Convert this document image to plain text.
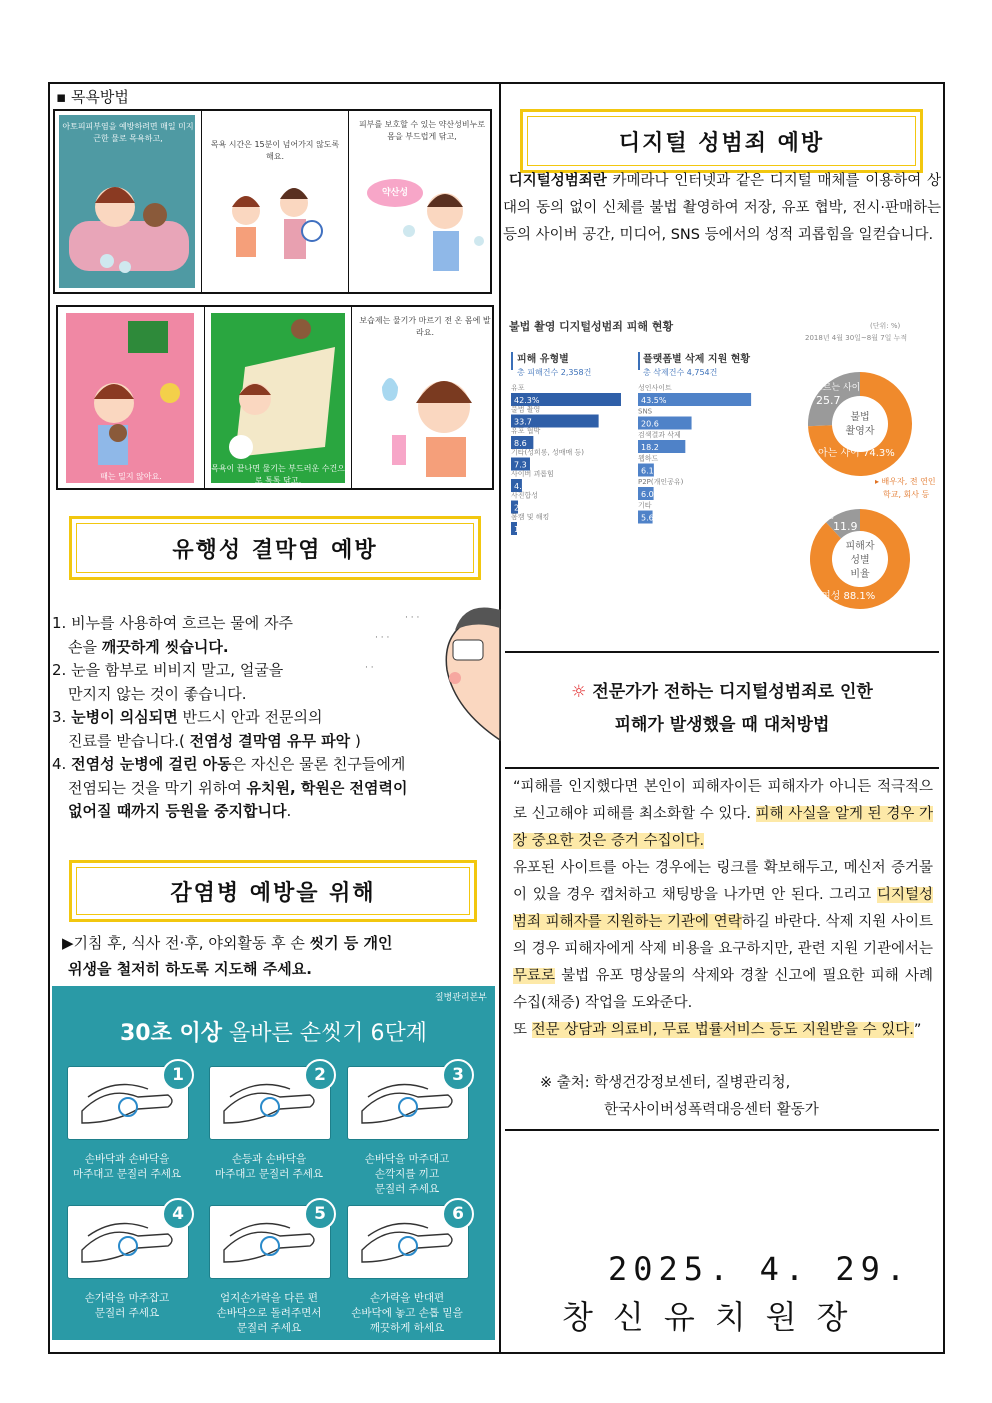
▪ 목욕방법
아토피피부염을 예방하려면 매일 미지근한 물로 목욕하고,
목욕 시간은 15분이 넘어가지 않도록 해요.
약산성
피부를 보호할 수 있는 약산성비누로 몸을 부드럽게 닦고,
때는 밀지 않아요.
목욕이 끝나면 물기는 부드러운 수건으로 톡톡 닦고,
보습제는 물기가 마르기 전 온 몸에 발라요.
유행성 결막염 예방
· · ·
· · ·
· ·
1. 비누를 사용하여 흐르는 물에 자주
손을 깨끗하게 씻습니다.
2. 눈을 함부로 비비지 말고, 얼굴을
만지지 않는 것이 좋습니다.
3. 눈병이 의심되면 반드시 안과 전문의의
진료를 받습니다.( 전염성 결막염 유무 파악 )
4. 전염성 눈병에 걸린 아동은 자신은 물론 친구들에게
전염되는 것을 막기 위하여 유치원, 학원은 전염력이
없어질 때까지 등원을 중지합니다.
감염병 예방을 위해
▶기침 후, 식사 전·후, 야외활동 후 손 씻기 등 개인
위생을 철저히 하도록 지도해 주세요.
질병관리본부
30초 이상 올바른 손씻기 6단계
1
손바닥과 손바닥을
마주대고 문질러 주세요
2
손등과 손바닥을
마주대고 문질러 주세요
3
손바닥을 마주대고
손깍지를 끼고
문질러 주세요
4
손가락을 마주잡고
문질러 주세요
5
엄지손가락을 다른 편
손바닥으로 돌려주면서
문질러 주세요
6
손가락을 반대편
손바닥에 놓고 손톱 밑을
깨끗하게 하세요
디지털 성범죄 예방
디지털성범죄란 카메라나 인터넷과 같은 디지털 매체를 이용하여 상대의 동의 없이 신체를 불법 촬영하여 저장, 유포 협박, 전시·판매하는 등의 사이버 공간, 미디어, SNS 등에서의 성적 괴롭힘을 일컫습니다.
불법 촬영 디지털성범죄 피해 현황	(단위: %)
2018년 4월 30일~8월 7일 누적
피해 유형별
총 피해건수 2,358건
유포
42.3%
불법 촬영
33.7
유포 협박
8.6
기타(성희롱, 성매매 등)
7.3
사이버 괴롭힘
4.2
사진합성
2.7
몸캠 및 해킹
1.2
플랫폼별 삭제 지원 현황
총 삭제건수 4,754건
성인사이트
43.5%
SNS
20.6
검색결과 삭제
18.2
웹하드
6.1
P2P(개인공유)
6.0
기타
5.6
불법
촬영자
모르는 사이
25.7
아는 사이 74.3%
▸ 배우자, 전 연인
학교, 회사 등
피해자
성별
비율
남성
11.9
여성 88.1%
☼ 전문가가 전하는 디지털성범죄로 인한
피해가 발생했을 때 대처방법
“피해를 인지했다면 본인이 피해자이든 피해자가 아니든 적극적으로 신고해야 피해를 최소화할 수 있다. 피해 사실을 알게 된 경우 가장 중요한 것은 증거 수집이다.
유포된 사이트를 아는 경우에는 링크를 확보해두고, 메신저 증거물이 있을 경우 캡처하고 채팅방을 나가면 안 된다. 그리고 디지털성범죄 피해자를 지원하는 기관에 연락하길 바란다. 삭제 지원 사이트의 경우 피해자에게 삭제 비용을 요구하지만, 관련 지원 기관에서는 무료로 불법 유포 명상물의 삭제와 경찰 신고에 필요한 피해 사례 수집(채증) 작업을 도와준다.
또 전문 상담과 의료비, 무료 법률서비스 등도 지원받을 수 있다.”
※ 출처: 학생건강정보센터, 질병관리청,
한국사이버성폭력대응센터 활동가
2025. 4. 29.
창신유치원장
